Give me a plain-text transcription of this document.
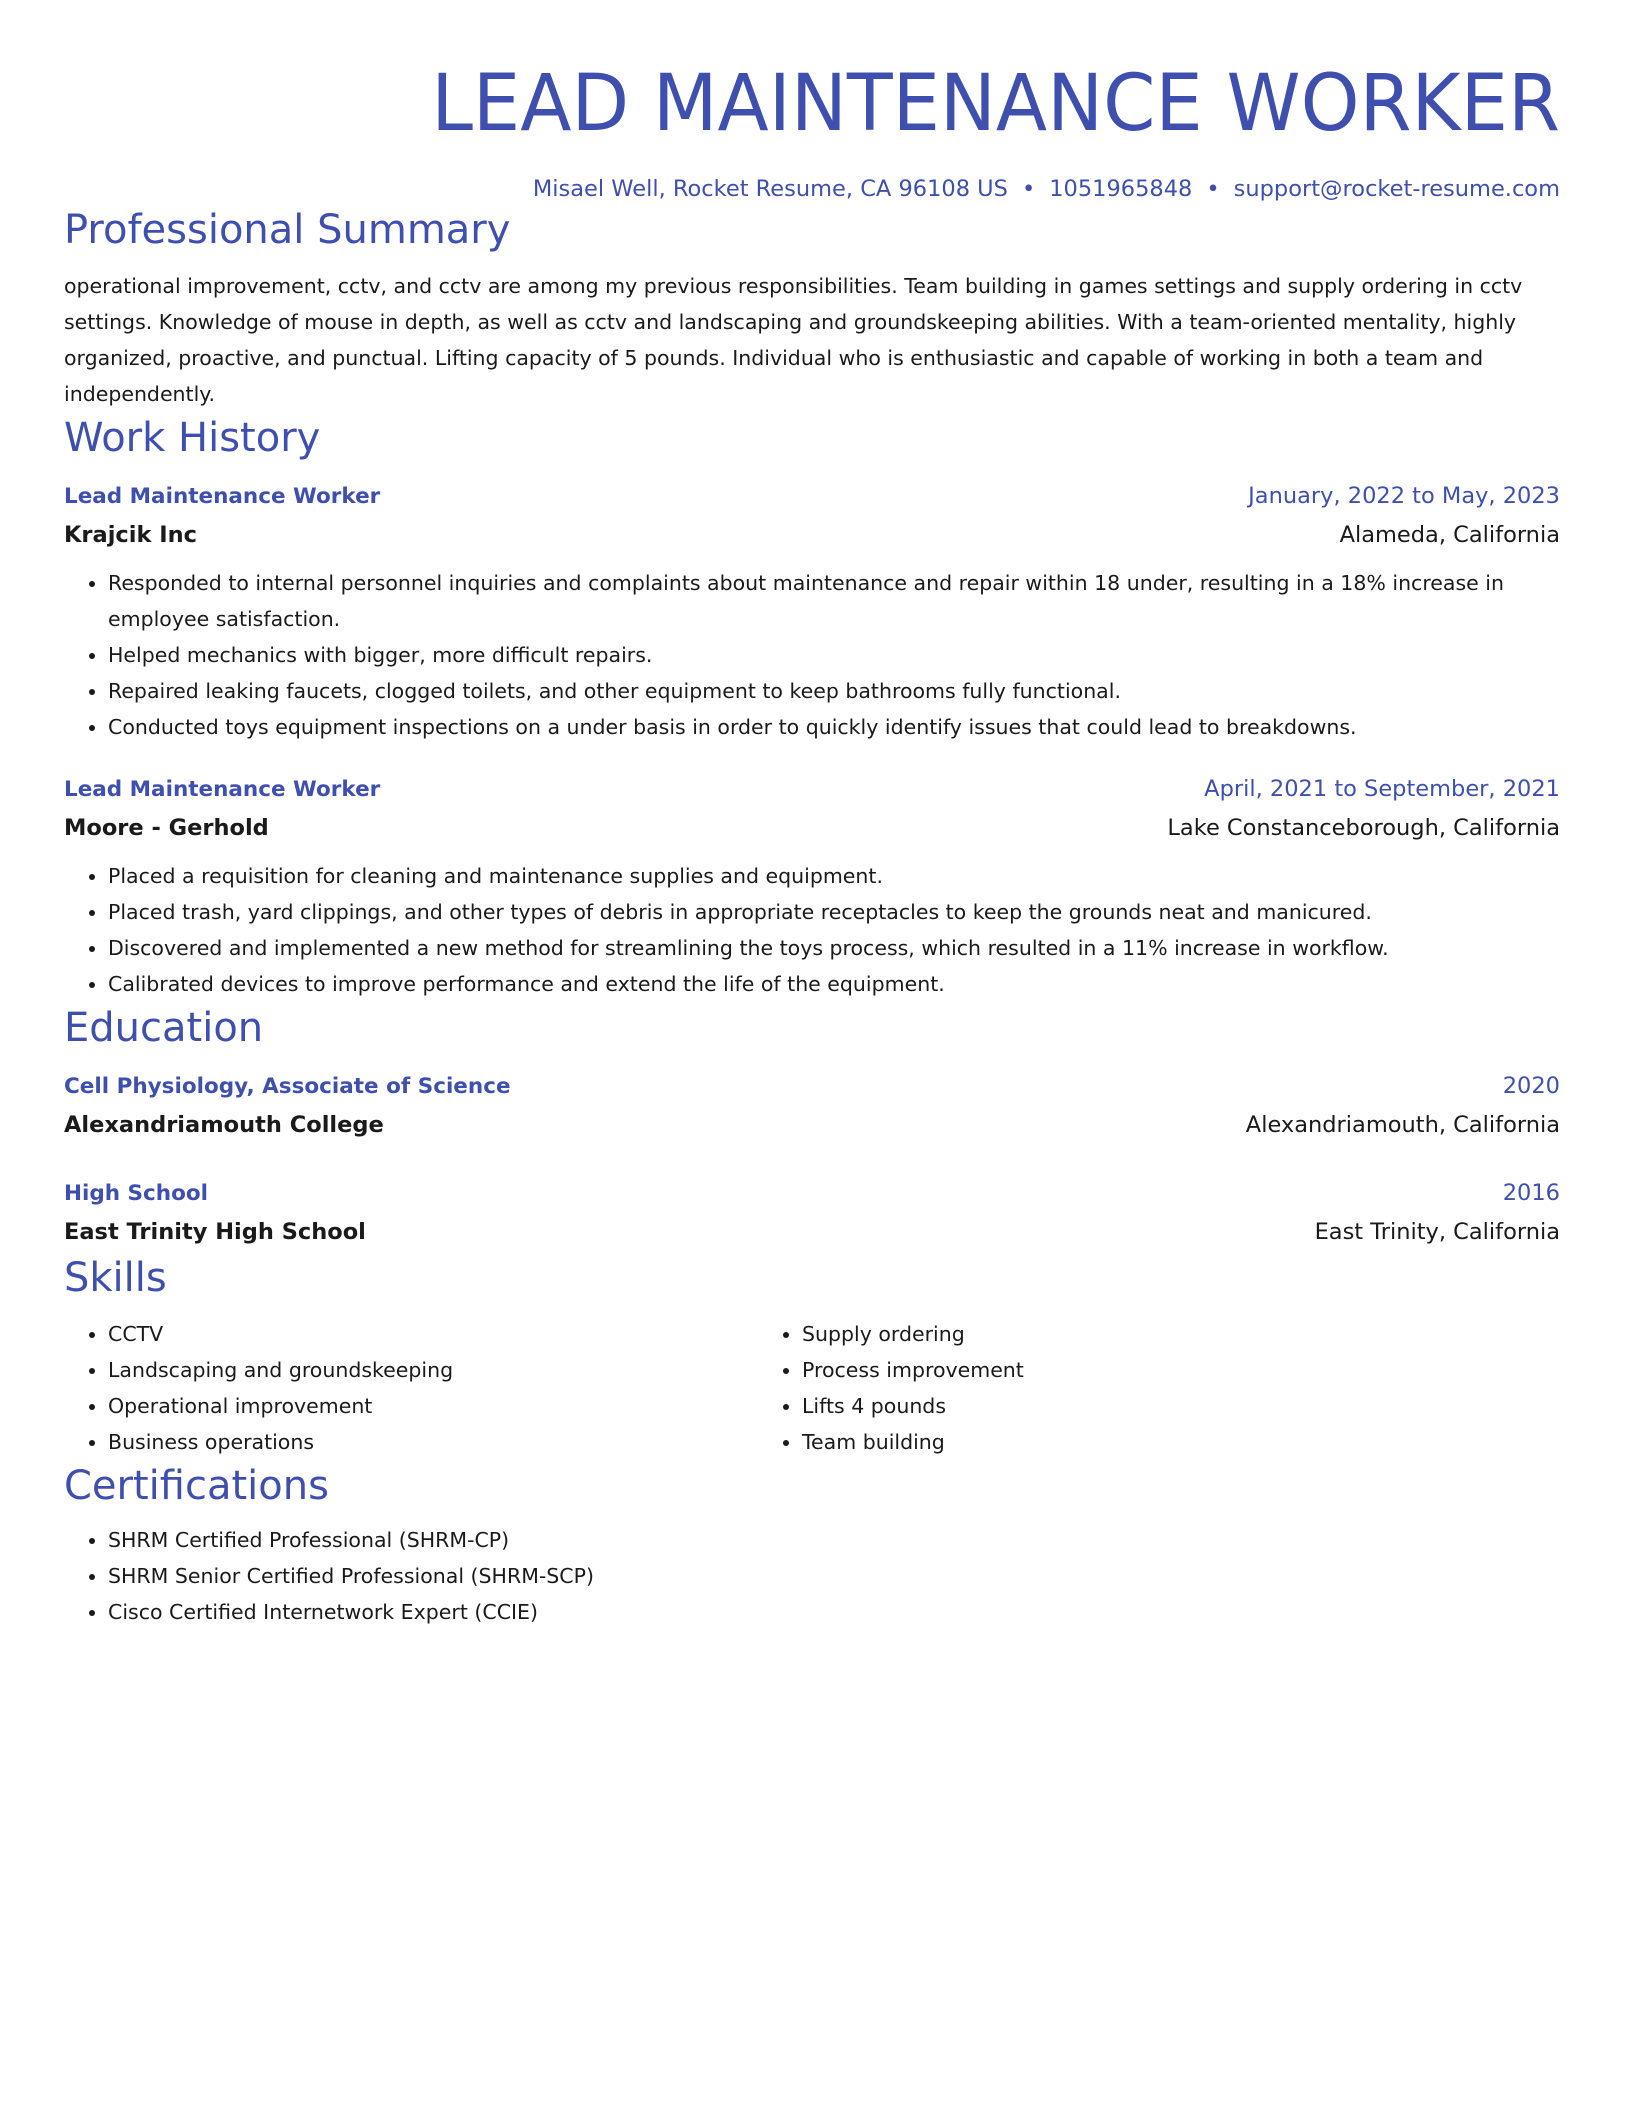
LEAD MAINTENANCE WORKER
Misael Well, Rocket Resume, CA 96108 US • 1051965848 • support@rocket-resume.com
Professional Summary
operational improvement, cctv, and cctv are among my previous responsibilities. Team building in games settings and supply ordering in cctv settings. Knowledge of mouse in depth, as well as cctv and landscaping and groundskeeping abilities. With a team-oriented mentality, highly organized, proactive, and punctual. Lifting capacity of 5 pounds. Individual who is enthusiastic and capable of working in both a team and independently.
Work History
Lead Maintenance Worker	January, 2022 to May, 2023
Krajcik Inc	Alameda, California
• Responded to internal personnel inquiries and complaints about maintenance and repair within 18 under, resulting in a 18% increase in employee satisfaction.
• Helped mechanics with bigger, more difficult repairs.
• Repaired leaking faucets, clogged toilets, and other equipment to keep bathrooms fully functional.
• Conducted toys equipment inspections on a under basis in order to quickly identify issues that could lead to breakdowns.
Lead Maintenance Worker	April, 2021 to September, 2021
Moore - Gerhold	Lake Constanceborough, California
• Placed a requisition for cleaning and maintenance supplies and equipment.
• Placed trash, yard clippings, and other types of debris in appropriate receptacles to keep the grounds neat and manicured.
• Discovered and implemented a new method for streamlining the toys process, which resulted in a 11% increase in workflow.
• Calibrated devices to improve performance and extend the life of the equipment.
Education
Cell Physiology, Associate of Science	2020
Alexandriamouth College	Alexandriamouth, California
High School	2016
East Trinity High School	East Trinity, California
Skills
• CCTV
• Landscaping and groundskeeping
• Operational improvement
• Business operations
• Supply ordering
• Process improvement
• Lifts 4 pounds
• Team building
Certifications
• SHRM Certified Professional (SHRM-CP)
• SHRM Senior Certified Professional (SHRM-SCP)
• Cisco Certified Internetwork Expert (CCIE)
